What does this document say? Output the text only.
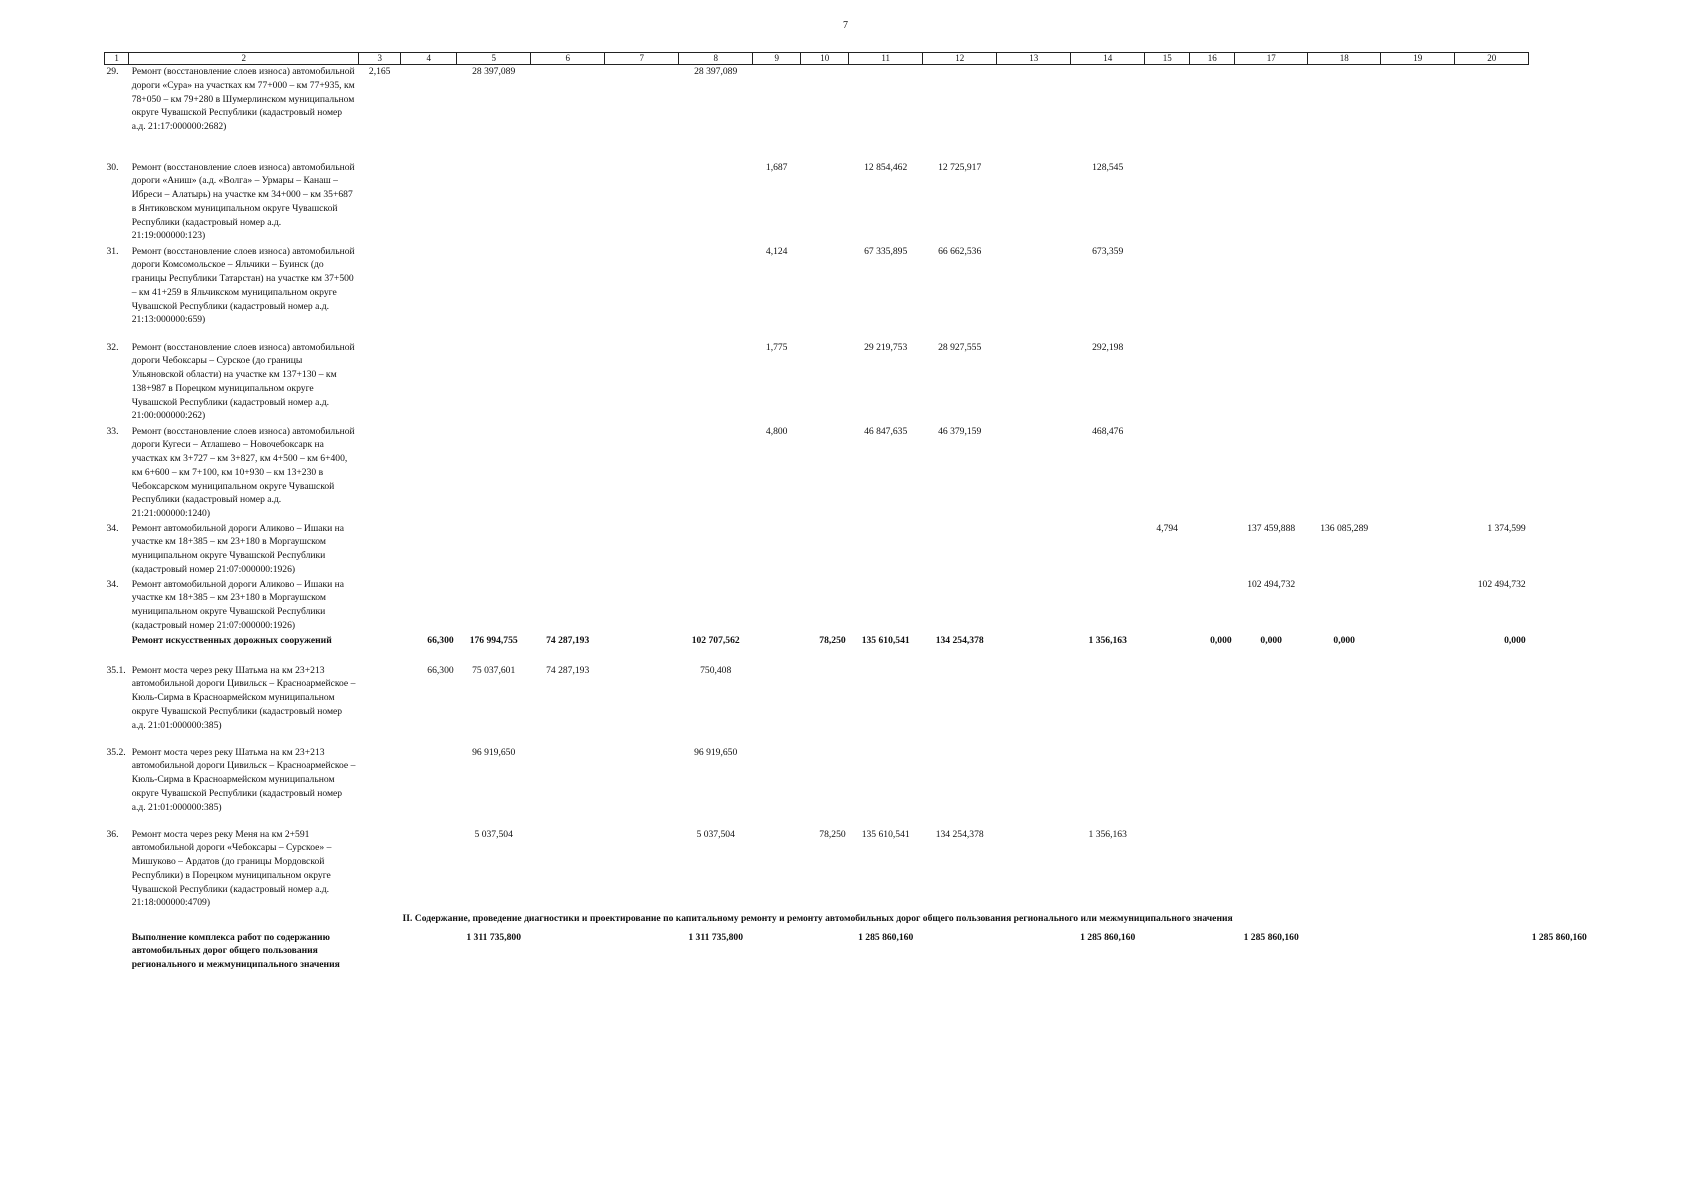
7
1	2	3	4	5	6	7	8	9	10	11	12	13	14	15	16	17	18	19	20	
29.	Ремонт (восстановление слоев износа) автомобильной дороги «Сура» на участках км 77+000 – км 77+935, км 78+050 – км 79+280 в Шумерлинском муниципальном округе Чувашской Республики (кадастровый номер а.д. 21:17:000000:2682)	2,165		28 397,089			28 397,089													
30.	Ремонт (восстановление слоев износа) автомобильной дороги «Аниш» (а.д. «Волга» – Урмары – Канаш – Ибреси – Алатырь) на участке км 34+000 – км 35+687 в Янтиковском муниципальном округе Чувашской Республики (кадастровый номер а.д. 21:19:000000:123)							1,687		12 854,462	12 725,917		128,545							
31.	Ремонт (восстановление слоев износа) автомобильной дороги Комсомольское – Яльчики – Буинск (до границы Республики Татарстан) на участке км 37+500 – км 41+259 в Яльчикском муниципальном округе Чувашской Республики (кадастровый номер а.д. 21:13:000000:659)							4,124		67 335,895	66 662,536		673,359							
32.	Ремонт (восстановление слоев износа) автомобильной дороги Чебоксары – Сурское (до границы Ульяновской области) на участке км 137+130 – км 138+987 в Порецком муниципальном округе Чувашской Республики (кадастровый номер а.д. 21:00:000000:262)							1,775		29 219,753	28 927,555		292,198							
33.	Ремонт (восстановление слоев износа) автомобильной дороги Кугеси – Атлашево – Новочебоксарк на участках км 3+727 – км 3+827, км 4+500 – км 6+400, км 6+600 – км 7+100, км 10+930 – км 13+230 в Чебоксарском муниципальном округе Чувашской Республики (кадастровый номер а.д. 21:21:000000:1240)							4,800		46 847,635	46 379,159		468,476							
34.	Ремонт автомобильной дороги Аликово – Ишаки на участке км 18+385 – км 23+180 в Моргаушском муниципальном округе Чувашской Республики (кадастровый номер 21:07:000000:1926)													4,794		137 459,888	136 085,289		1 374,599	
34.	Ремонт автомобильной дороги Аликово – Ишаки на участке км 18+385 – км 23+180 в Моргаушском муниципальном округе Чувашской Республики (кадастровый номер 21:07:000000:1926)															102 494,732			102 494,732	
	Ремонт искусственных дорожных сооружений		66,300	176 994,755	74 287,193		102 707,562		78,250	135 610,541	134 254,378		1 356,163		0,000	0,000	0,000		0,000	
35.1.	Ремонт моста через реку Шатьма на км 23+213 автомобильной дороги Цивильск – Красноармейское – Кюль-Сирма в Красноармейском муниципальном округе Чувашской Республики (кадастровый номер а.д. 21:01:000000:385)		66,300	75 037,601	74 287,193		750,408													
35.2.	Ремонт моста через реку Шатьма на км 23+213 автомобильной дороги Цивильск – Красноармейское – Кюль-Сирма в Красноармейском муниципальном округе Чувашской Республики (кадастровый номер а.д. 21:01:000000:385)			96 919,650			96 919,650													
36.	Ремонт моста через реку Меня на км 2+591 автомобильной дороги «Чебоксары – Сурское» – Мишуково – Ардатов (до границы Мордовской Республики) в Порецком муниципальном округе Чувашской Республики (кадастровый номер а.д. 21:18:000000:4709)			5 037,504			5 037,504		78,250	135 610,541	134 254,378		1 356,163							
II. Содержание, проведение диагностики и проектирование по капитальному ремонту и ремонту автомобильных дорог общего пользования регионального или межмуниципального значения																				
	Выполнение комплекса работ по содержанию автомобильных дорог общего пользования регионального и межмуниципального значения			1 311 735,800			1 311 735,800			1 285 860,160			1 285 860,160			1 285 860,160				1 285 860,160
